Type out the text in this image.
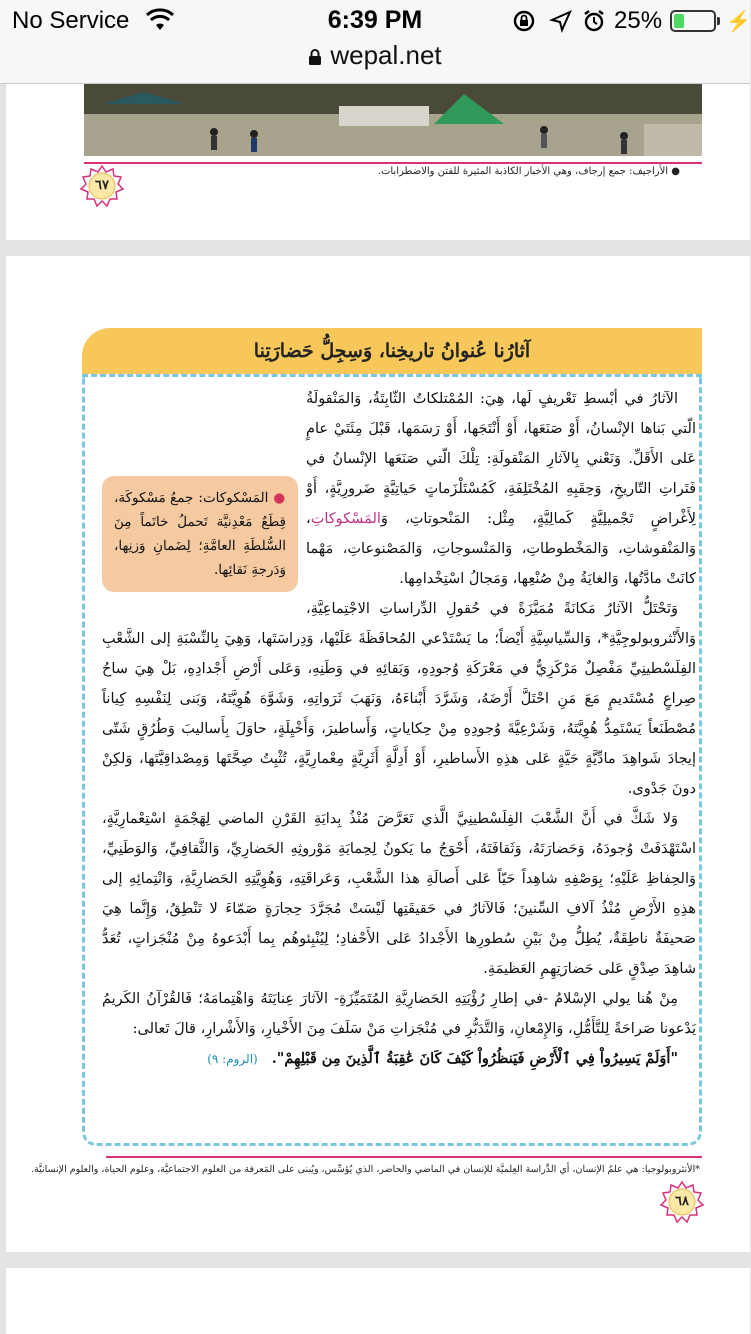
No Service	6:39 PM	25%	⚡
wepal.net
● الأراجيف: جمع إرجاف، وهي الأخبار الكاذبة المثيرة للفتن والاضطرابات.
٦٧
آثارُنا عُنوانُ تاريخِنا، وَسِجِلُّ حَضارَتِنا

● المَسْكوكات: جمعُ مَسْكوكَة، قِطَعٌ مَعْدِنيَّة تَحملُ خاتَماً مِنَ السُّلطَةِ العامَّةِ؛ لِضَمانِ وَزنِها، وَدَرجةِ نَقائِها.
الآثارُ في أبْسطِ تَعْريفٍ لَها، هِيَ: المُمْتلكاتُ الثّابِتَةُ، وَالمَنْقولَةُ الّتي بَناها الإنْسانُ، أَوْ صَنَعَها، أَوْ أَنْتَجَها، أَوْ رَسَمَها، قَبْلَ مِئَتَيْ عامٍ عَلى الأَقَلِّ. وَنَعْني بِالآثارِ المَنْقولَةِ: تِلْكَ الّتي صَنَعَها الإنْسانُ في فَتَراتِ التّاريخِ، وَحِقَبِهِ المُخْتَلِفَةِ، كَمُسْتَلْزَماتٍ حَياتِيَّةٍ ضَرورِيَّةٍ، أَوْ لِأَغْراضٍ تَجْميلِيَّةٍ كَمالِيَّةٍ، مِثْل: المَنْحوتاتِ، وَالمَسْكوكاتِ، وَالمَنْقوشاتِ، وَالمَخْطوطاتِ، وَالمَنْسوجاتِ، وَالمَصْنوعاتِ، مَهْما كانَتْ مادَّتُها، وَالغايَةُ مِنْ صُنْعِها، وَمَجالُ اسْتِخْدامِها.

وَتَحْتَلُّ الآثارُ مَكانَةً مُمَيَّزَةً في حُقولِ الدِّراساتِ الاجْتِماعِيَّةِ، وَالأَنْثروبولوجِيَّةِ*، وَالسِّياسِيَّةِ أَيْضاً؛ ما يَسْتَدْعي المُحافَظَةَ عَلَيْها، وَدِراسَتَها، وَهِيَ بِالنِّسْبَةِ إلى الشَّعْبِ الفِلَسْطينِيِّ مَفْصِلٌ مَرْكَزِيٌّ في مَعْرَكَةِ وُجودِهِ، وَبَقائِهِ في وَطَنِهِ، وَعَلى أَرْضِ أَجْدادِهِ، بَلْ هِيَ ساحُ صِراعٍ مُسْتَديمٍ مَعَ مَنِ احْتَلَّ أَرْضَهُ، وَشَرَّدَ أَبْناءَهُ، وَنَهَبَ ثَرَواتِهِ، وَشَوَّهَ هُوِيَّتَهُ، وَبَنى لِنَفْسِهِ كِياناً مُصْطَنَعاً يَسْتَمِدُّ هُوِيَّتَهُ، وَشَرْعِيَّةَ وُجودِهِ مِنْ حِكاياتٍ، وَأَساطيرَ، وَأَخْيِلَةٍ، حاوَلَ بِأَساليبَ وَطُرُقٍ شَتّى إيجادَ شَواهِدَ مادِّيَّةٍ حَيَّةٍ عَلى هذِهِ الأَساطيرِ، أَوْ أَدِلَّةٍ أَثَرِيَّةٍ مِعْمارِيَّةٍ، تُثْبِتُ صِحَّتَها وَمِصْداقِيَّتَها، وَلكِنْ دونَ جَدْوى.

وَلا شَكَّ في أَنَّ الشَّعْبَ الفِلَسْطينِيَّ الَّذي تَعَرَّضَ مُنْذُ بِدايَةِ القَرْنِ الماضي لِهَجْمَةٍ اسْتِعْمارِيَّةٍ، اسْتَهْدَفَتْ وُجودَهُ، وَحَضارَتَهُ، وَثَقافَتَهُ، أَحْوَجُ ما يَكونُ لِحِمايَةِ مَوْروثِهِ الحَضارِيِّ، وَالثَّقافِيِّ، وَالوَطَنِيِّ، وَالحِفاظِ عَلَيْهِ؛ بِوَصْفِهِ شاهِداً حَيّاً عَلى أَصالَةِ هذا الشَّعْبِ، وَعَراقَتِهِ، وَهُوِيَّتِهِ الحَضارِيَّةِ، وَانْتِمائِهِ إلى هذِهِ الأَرْضِ مُنْذُ آلافِ السِّنينَ؛ فَالآثارُ في حَقيقَتِها لَيْسَتْ مُجَرَّدَ حِجارَةٍ صَمّاءَ لا تَنْطِقُ، وَإِنَّما هِيَ صَحيفَةٌ ناطِقَةٌ، يُطِلُّ مِنْ بَيْنِ سُطورِها الأَجْدادُ عَلى الأَحْفادِ؛ لِيُنْبِئوهُم بِما أَبْدَعوهُ مِنْ مُنْجَزاتٍ، تُعَدُّ شاهِدَ صِدْقٍ عَلى حَضارَتِهِمِ العَظيمَةِ.

مِنْ هُنا يولي الإسْلامُ -في إطارِ رُؤْيَتِهِ الحَضارِيَّةِ المُتَمَيِّزَةِ- الآثارَ عِنايَتَهُ وَاهْتِمامَهُ؛ فَالقُرْآنُ الكَريمُ يَدْعونا صَراحَةً لِلتَّأَمُّلِ، وَالإِمْعانِ، وَالتَّدَبُّرِ في مُنْجَزاتِ مَنْ سَلَفَ مِنَ الأَخْيارِ، وَالأَشْرارِ، قالَ تَعالى:

"أَوَلَمْ يَسِيرُواْ فِي ٱلْأَرْضِ فَيَنظُرُواْ كَيْفَ كَانَ عَٰقِبَةُ ٱلَّذِينَ مِن قَبْلِهِمْ".(الروم: ٩)

*الأنثروبولوجيا: هي علمُ الإنسان، أي الدِّراسة العِلميَّة للإنسان في الماضي والحاضر، الذي يُؤسِّس، ويُبنى على المَعرفة من العلوم الاجتماعيَّة، وعلوم الحياة، والعلوم الإنسانيَّة.
٦٨
